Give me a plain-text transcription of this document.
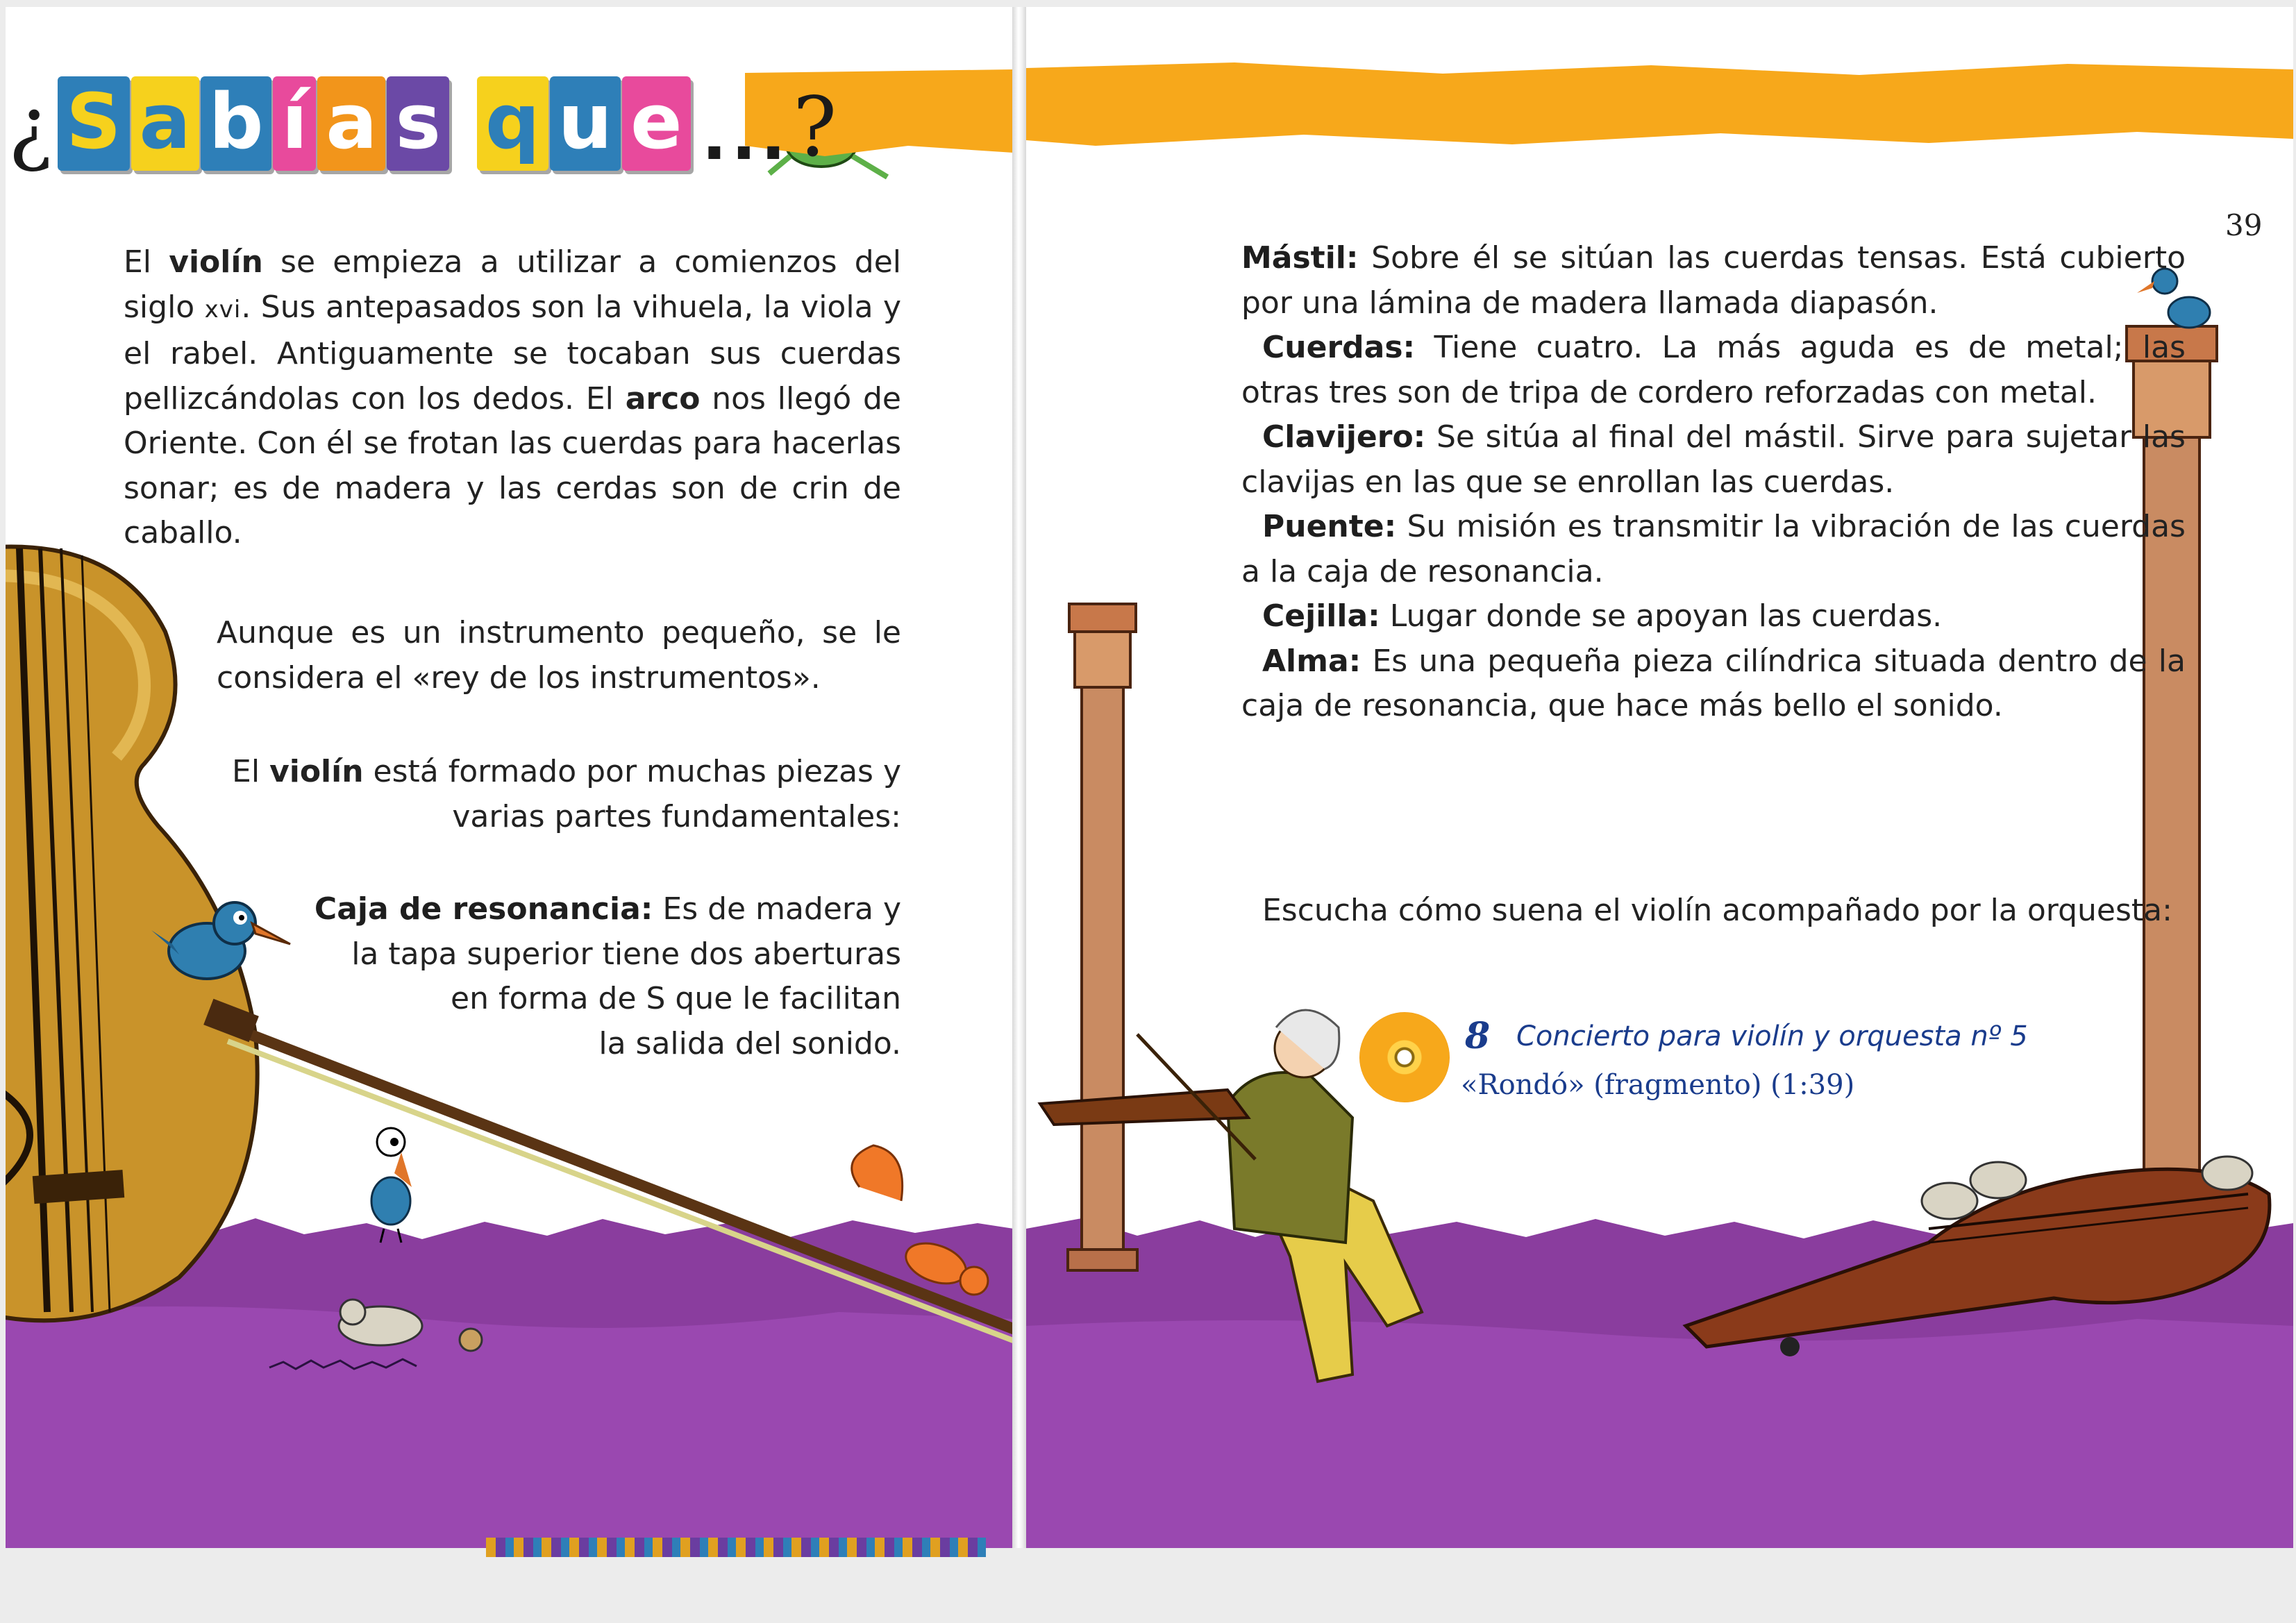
¿ S a b í a s q u e ... ?
El violín se empieza a utilizar a comienzos del siglo xvi. Sus antepasados son la vihuela, la viola y el rabel. Antiguamente se tocaban sus cuerdas pellizcándolas con los dedos. El arco nos llegó de Oriente. Con él se frotan las cuerdas para hacerlas sonar; es de madera y las cerdas son de crin de caballo.
Aunque es un instrumento pequeño, se le considera el «rey de los instrumentos».
El violín está formado por muchas piezas y varias partes fundamentales:
Caja de resonancia: Es de madera y
la tapa superior tiene dos aberturas
en forma de S que le facilitan
la salida del sonido.
Mástil: Sobre él se sitúan las cuerdas tensas. Está cubierto por una lámina de madera llamada diapasón.
Cuerdas: Tiene cuatro. La más aguda es de metal; las otras tres son de tripa de cordero reforzadas con metal.
Clavijero: Se sitúa al final del mástil. Sirve para sujetar las clavijas en las que se enrollan las cuerdas.
Puente: Su misión es transmitir la vibración de las cuerdas a la caja de resonancia.
Cejilla: Lugar donde se apoyan las cuerdas.
Alma: Es una pequeña pieza cilíndrica situada dentro de la caja de resonancia, que hace más bello el sonido.
Escucha cómo suena el violín acompañado por la orquesta:
39
8 Concierto para violín y orquesta nº 5
«Rondó» (fragmento) (1:39)
